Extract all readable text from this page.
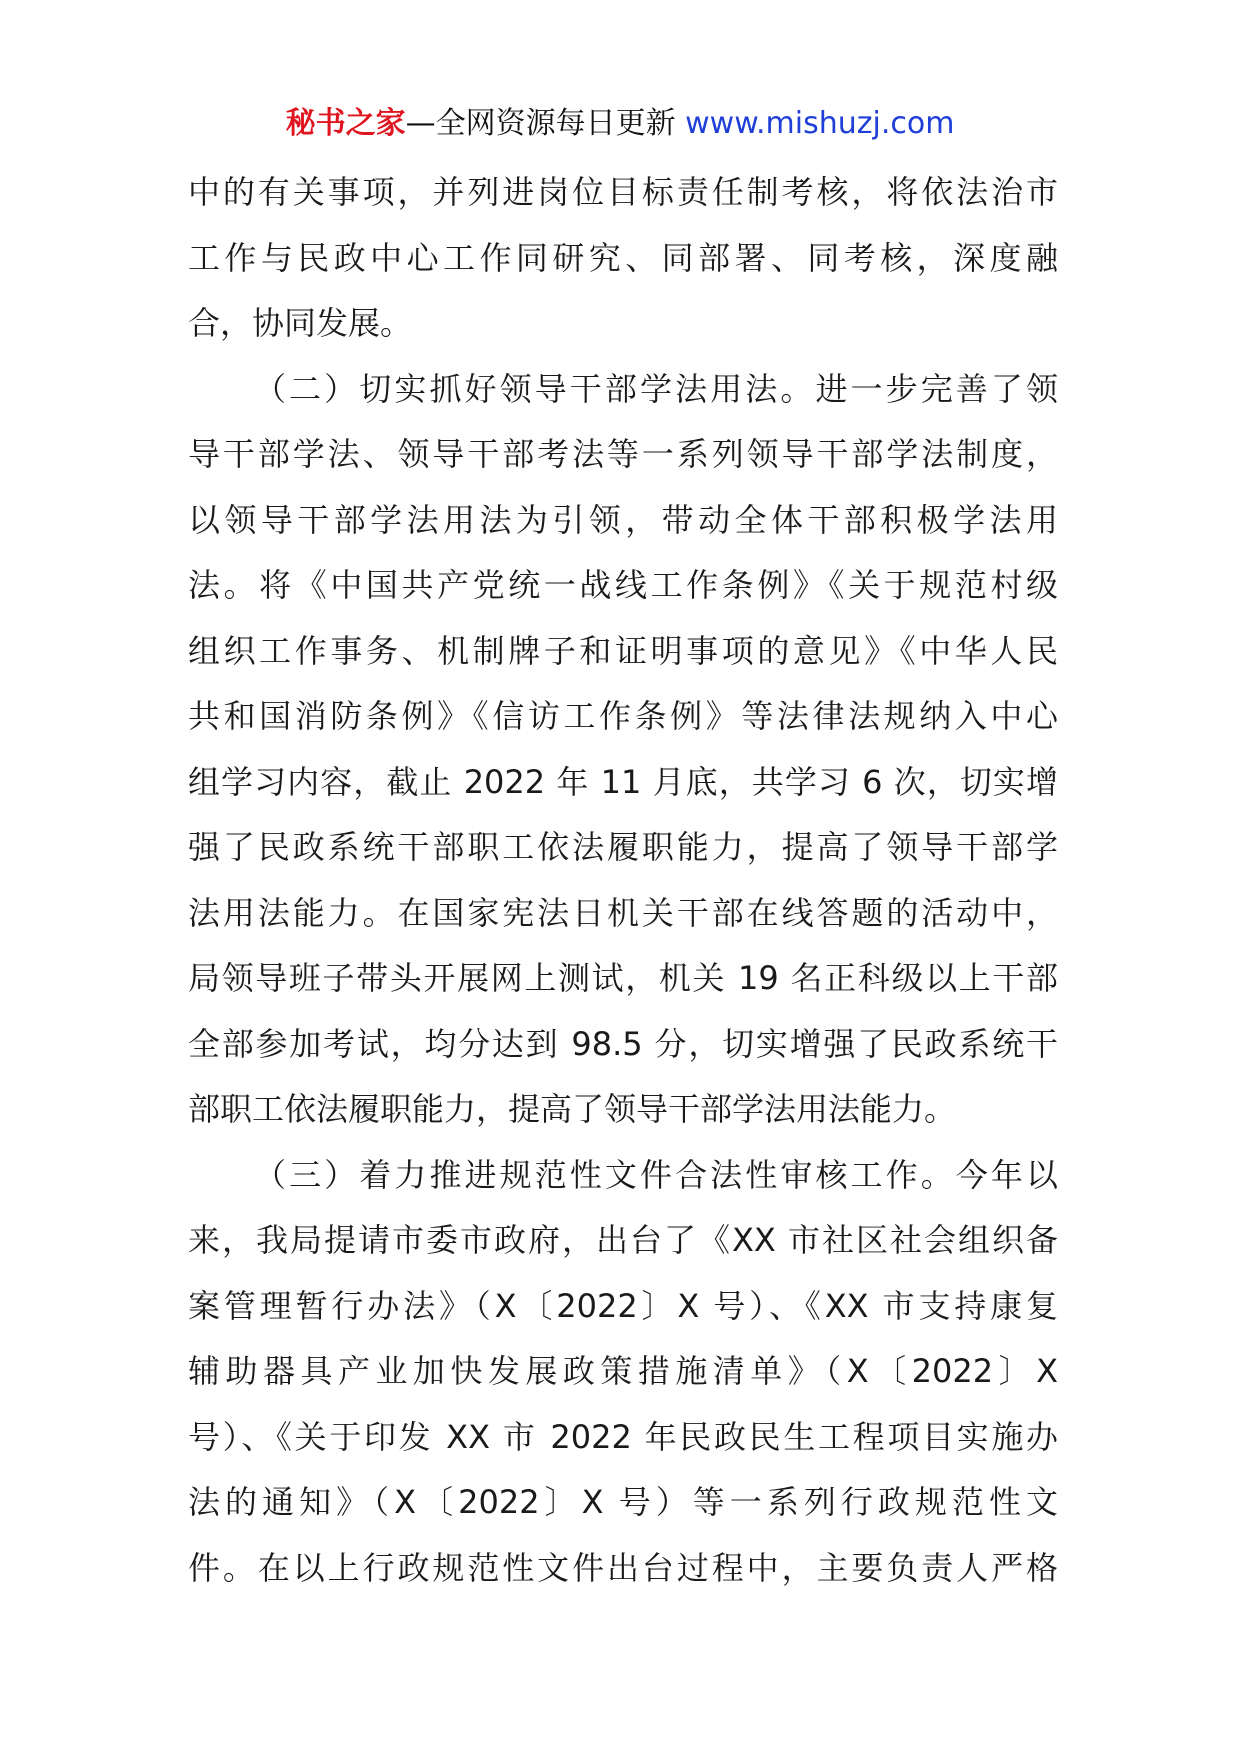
秘书之家—全网资源每日更新 www.mishuzj.com
中的有关事项，并列进岗位目标责任制考核，将依法治市
工作与民政中心工作同研究、同部署、同考核，深度融
合，协同发展。
（二）切实抓好领导干部学法用法。进一步完善了领
导干部学法、领导干部考法等一系列领导干部学法制度，
以领导干部学法用法为引领，带动全体干部积极学法用
法。将《中国共产党统一战线工作条例》《关于规范村级
组织工作事务、机制牌子和证明事项的意见》《中华人民
共和国消防条例》《信访工作条例》等法律法规纳入中心
组学习内容，截止 2022 年 11 月底，共学习 6 次，切实增
强了民政系统干部职工依法履职能力，提高了领导干部学
法用法能力。在国家宪法日机关干部在线答题的活动中，
局领导班子带头开展网上测试，机关 19 名正科级以上干部
全部参加考试，均分达到 98.5 分，切实增强了民政系统干
部职工依法履职能力，提高了领导干部学法用法能力。
（三）着力推进规范性文件合法性审核工作。今年以
来，我局提请市委市政府，出台了《XX 市社区社会组织备
案管理暂行办法》（X〔2022〕X 号）、《XX 市支持康复
辅助器具产业加快发展政策措施清单》（X〔2022〕X
号）、《关于印发 XX 市 2022 年民政民生工程项目实施办
法的通知》（X〔2022〕X 号）等一系列行政规范性文
件。在以上行政规范性文件出台过程中，主要负责人严格
